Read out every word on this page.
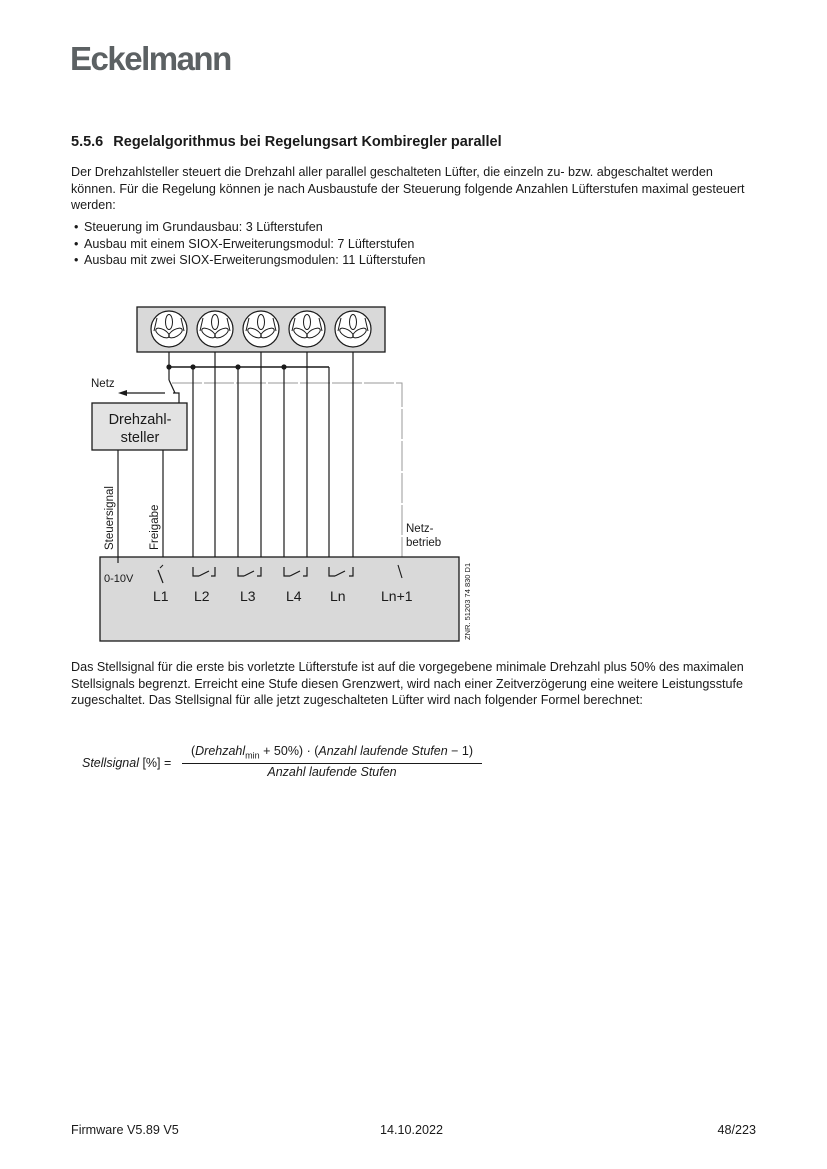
Eckelmann
5.5.6 Regelalgorithmus bei Regelungsart Kombiregler parallel

Der Drehzahlsteller steuert die Drehzahl aller parallel geschalteten Lüfter, die einzeln zu- bzw. abgeschaltet werden können. Für die Regelung können je nach Ausbaustufe der Steuerung folgende Anzahlen Lüfterstufen maximal gesteuert werden:

• Steuerung im Grundausbau: 3 Lüfterstufen
• Ausbau mit einem SIOX-Erweiterungsmodul: 7 Lüfterstufen
• Ausbau mit zwei SIOX-Erweiterungsmodulen: 11 Lüfterstufen
Netz
Drehzahl-
steller
Steuersignal	Freigabe	Netz-
betrieb
0-10V
L1 L2 L3 L4 Ln	Ln+1	ZNR. 51203 74 830 D1

Das Stellsignal für die erste bis vorletzte Lüfterstufe ist auf die vorgegebene minimale Drehzahl plus 50% des maximalen Stellsignals begrenzt. Erreicht eine Stufe diesen Grenzwert, wird nach einer Zeitverzögerung eine weitere Leistungsstufe zugeschaltet. Das Stellsignal für alle jetzt zugeschalteten Lüfter wird nach folgender Formel berechnet:

Stellsignal [%] =
(Drehzahl$_{min}$ + 50%) · (Anzahl laufende Stufen − 1)
Anzahl laufende Stufen
Firmware V5.89 V5	14.10.2022	48/223
